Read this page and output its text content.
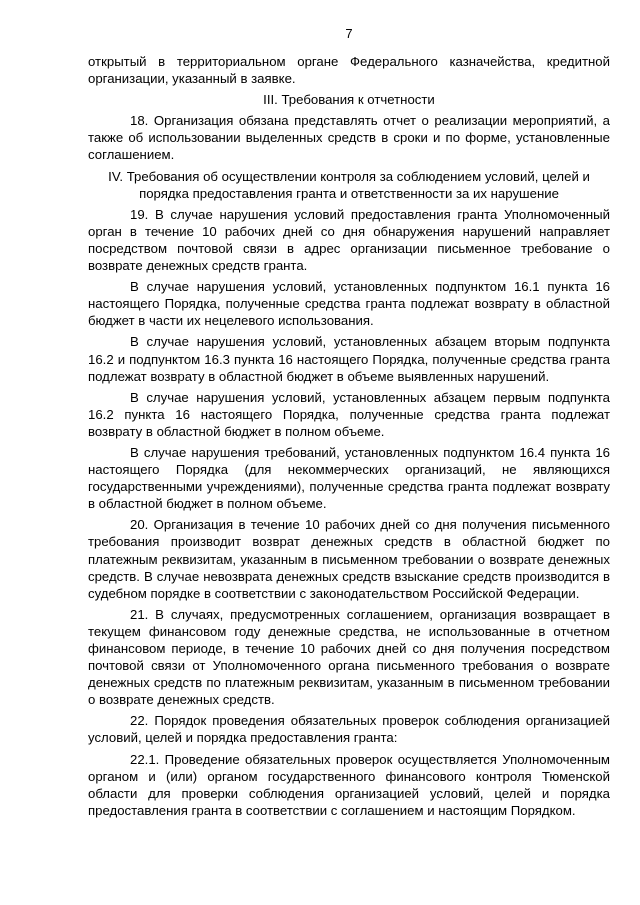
7

открытый в территориальном органе Федерального казначейства, кредитной организации, указанный в заявке.

III. Требования к отчетности

18. Организация обязана представлять отчет о реализации мероприятий, а также об использовании выделенных средств в сроки и по форме, установленные соглашением.

IV. Требования об осуществлении контроля за соблюдением условий, целей и порядка предоставления гранта и ответственности за их нарушение

19. В случае нарушения условий предоставления гранта Уполномоченный орган в течение 10 рабочих дней со дня обнаружения нарушений направляет посредством почтовой связи в адрес организации письменное требование о возврате денежных средств гранта.

В случае нарушения условий, установленных подпунктом 16.1 пункта 16 настоящего Порядка, полученные средства гранта подлежат возврату в областной бюджет в части их нецелевого использования.

В случае нарушения условий, установленных абзацем вторым подпункта 16.2 и подпунктом 16.3 пункта 16 настоящего Порядка, полученные средства гранта подлежат возврату в областной бюджет в объеме выявленных нарушений.

В случае нарушения условий, установленных абзацем первым подпункта 16.2 пункта 16 настоящего Порядка, полученные средства гранта подлежат возврату в областной бюджет в полном объеме.

В случае нарушения требований, установленных подпунктом 16.4 пункта 16 настоящего Порядка (для некоммерческих организаций, не являющихся государственными учреждениями), полученные средства гранта подлежат возврату в областной бюджет в полном объеме.

20. Организация в течение 10 рабочих дней со дня получения письменного требования производит возврат денежных средств в областной бюджет по платежным реквизитам, указанным в письменном требовании о возврате денежных средств. В случае невозврата денежных средств взыскание средств производится в судебном порядке в соответствии с законодательством Российской Федерации.

21. В случаях, предусмотренных соглашением, организация возвращает в текущем финансовом году денежные средства, не использованные в отчетном финансовом периоде, в течение 10 рабочих дней со дня получения посредством почтовой связи от Уполномоченного органа письменного требования о возврате денежных средств по платежным реквизитам, указанным в письменном требовании о возврате денежных средств.

22. Порядок проведения обязательных проверок соблюдения организацией условий, целей и порядка предоставления гранта:

22.1. Проведение обязательных проверок осуществляется Уполномоченным органом и (или) органом государственного финансового контроля Тюменской области для проверки соблюдения организацией условий, целей и порядка предоставления гранта в соответствии с соглашением и настоящим Порядком.
